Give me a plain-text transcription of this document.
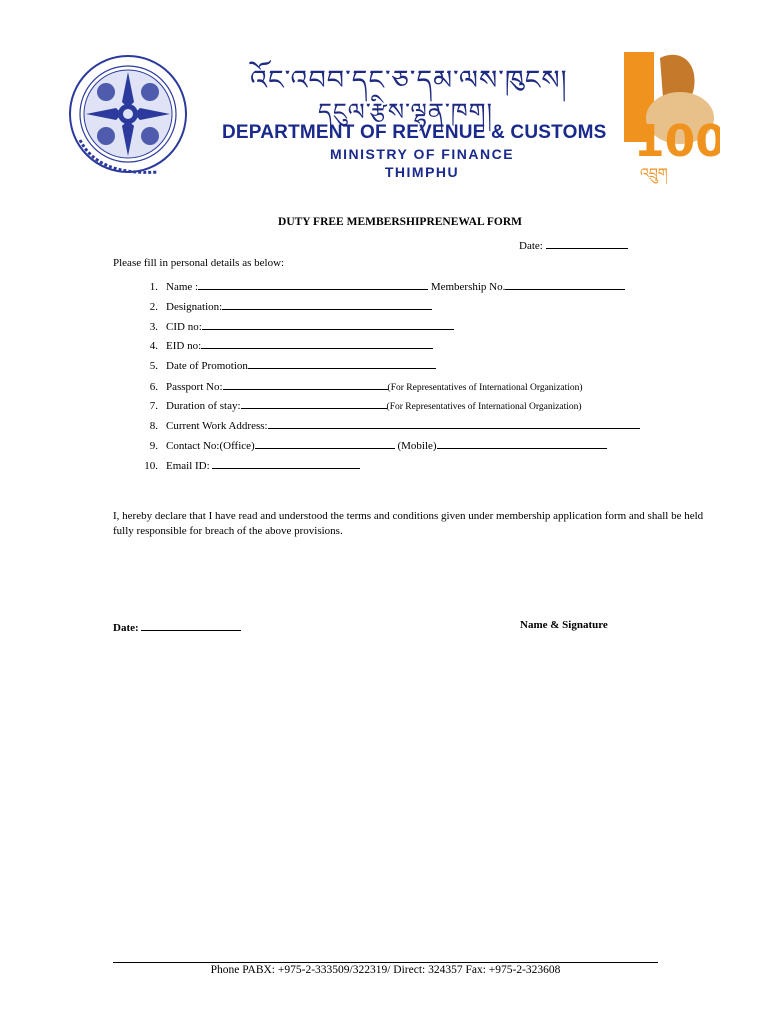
འོང་འབབ་དང་ཅ་དམ་ལས་ཁུངས།
དངུལ་རྩིས་ལྷན་ཁག།
DEPARTMENT OF REVENUE & CUSTOMS
MINISTRY OF FINANCE
THIMPHU
100
འབྲུག
DUTY FREE MEMBERSHIPRENEWAL FORM
Date:
Please fill in personal details as below:
1. Name :	Membership No.
2. Designation:
3. CID no:
4. EID no:
5. Date of Promotion
6. Passport No:	(For Representatives of International Organization)
7. Duration of stay:	(For Representatives of International Organization)
8. Current Work Address:
9. Contact No:(Office)	(Mobile)
10. Email ID:
I, hereby declare that I have read and understood the terms and conditions given under membership application form and shall be held fully responsible for breach of the above provisions.
Date:	Name & Signature
Phone PABX: +975-2-333509/322319/ Direct: 324357 Fax: +975-2-323608
